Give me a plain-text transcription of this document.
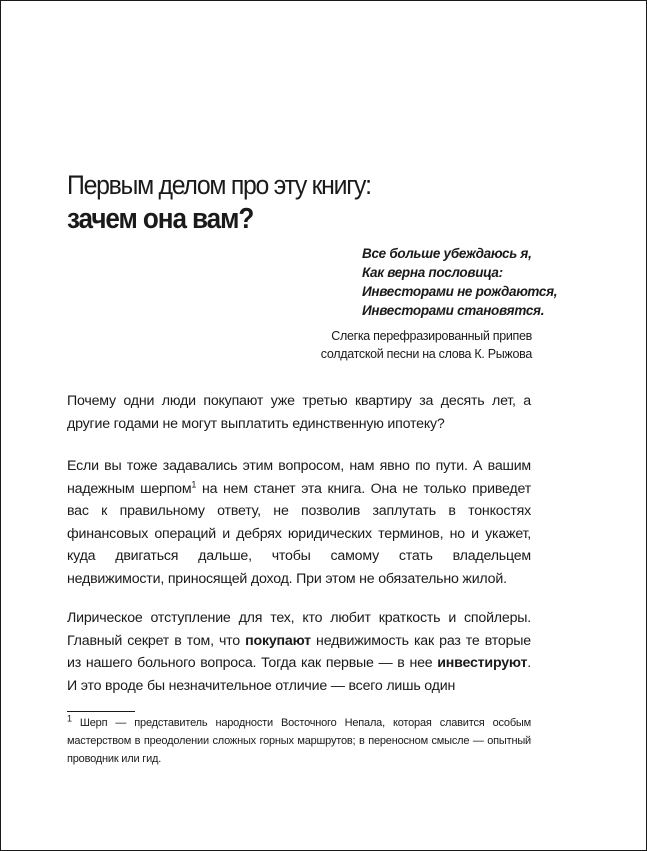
Первым делом про эту книгу:
зачем она вам?
Все больше убеждаюсь я,
Как верна пословица:
Инвесторами не рождаются,
Инвесторами становятся.
Слегка перефразированный припев
солдатской песни на слова К. Рыжова

Почему одни люди покупают уже третью квартиру за десять лет, а другие годами не могут выплатить единственную ипотеку?

Если вы тоже задавались этим вопросом, нам явно по пути. А вашим надежным шерпом$^1$ на нем станет эта книга. Она не только приведет вас к правильному ответу, не позволив заплутать в тонкостях финансовых операций и дебрях юридических терминов, но и укажет, куда двигаться дальше, чтобы самому стать владельцем недвижимости, приносящей доход. При этом не обязательно жилой.

Лирическое отступление для тех, кто любит краткость и спойлеры. Главный секрет в том, что покупают недвижимость как раз те вторые из нашего больного вопроса. Тогда как первые — в нее инвестируют. И это вроде бы незначительное отличие — всего лишь один

$^1$ Шерп — представитель народности Восточного Непала, которая славится особым мастерством в преодолении сложных горных маршрутов; в переносном смысле — опытный проводник или гид.
